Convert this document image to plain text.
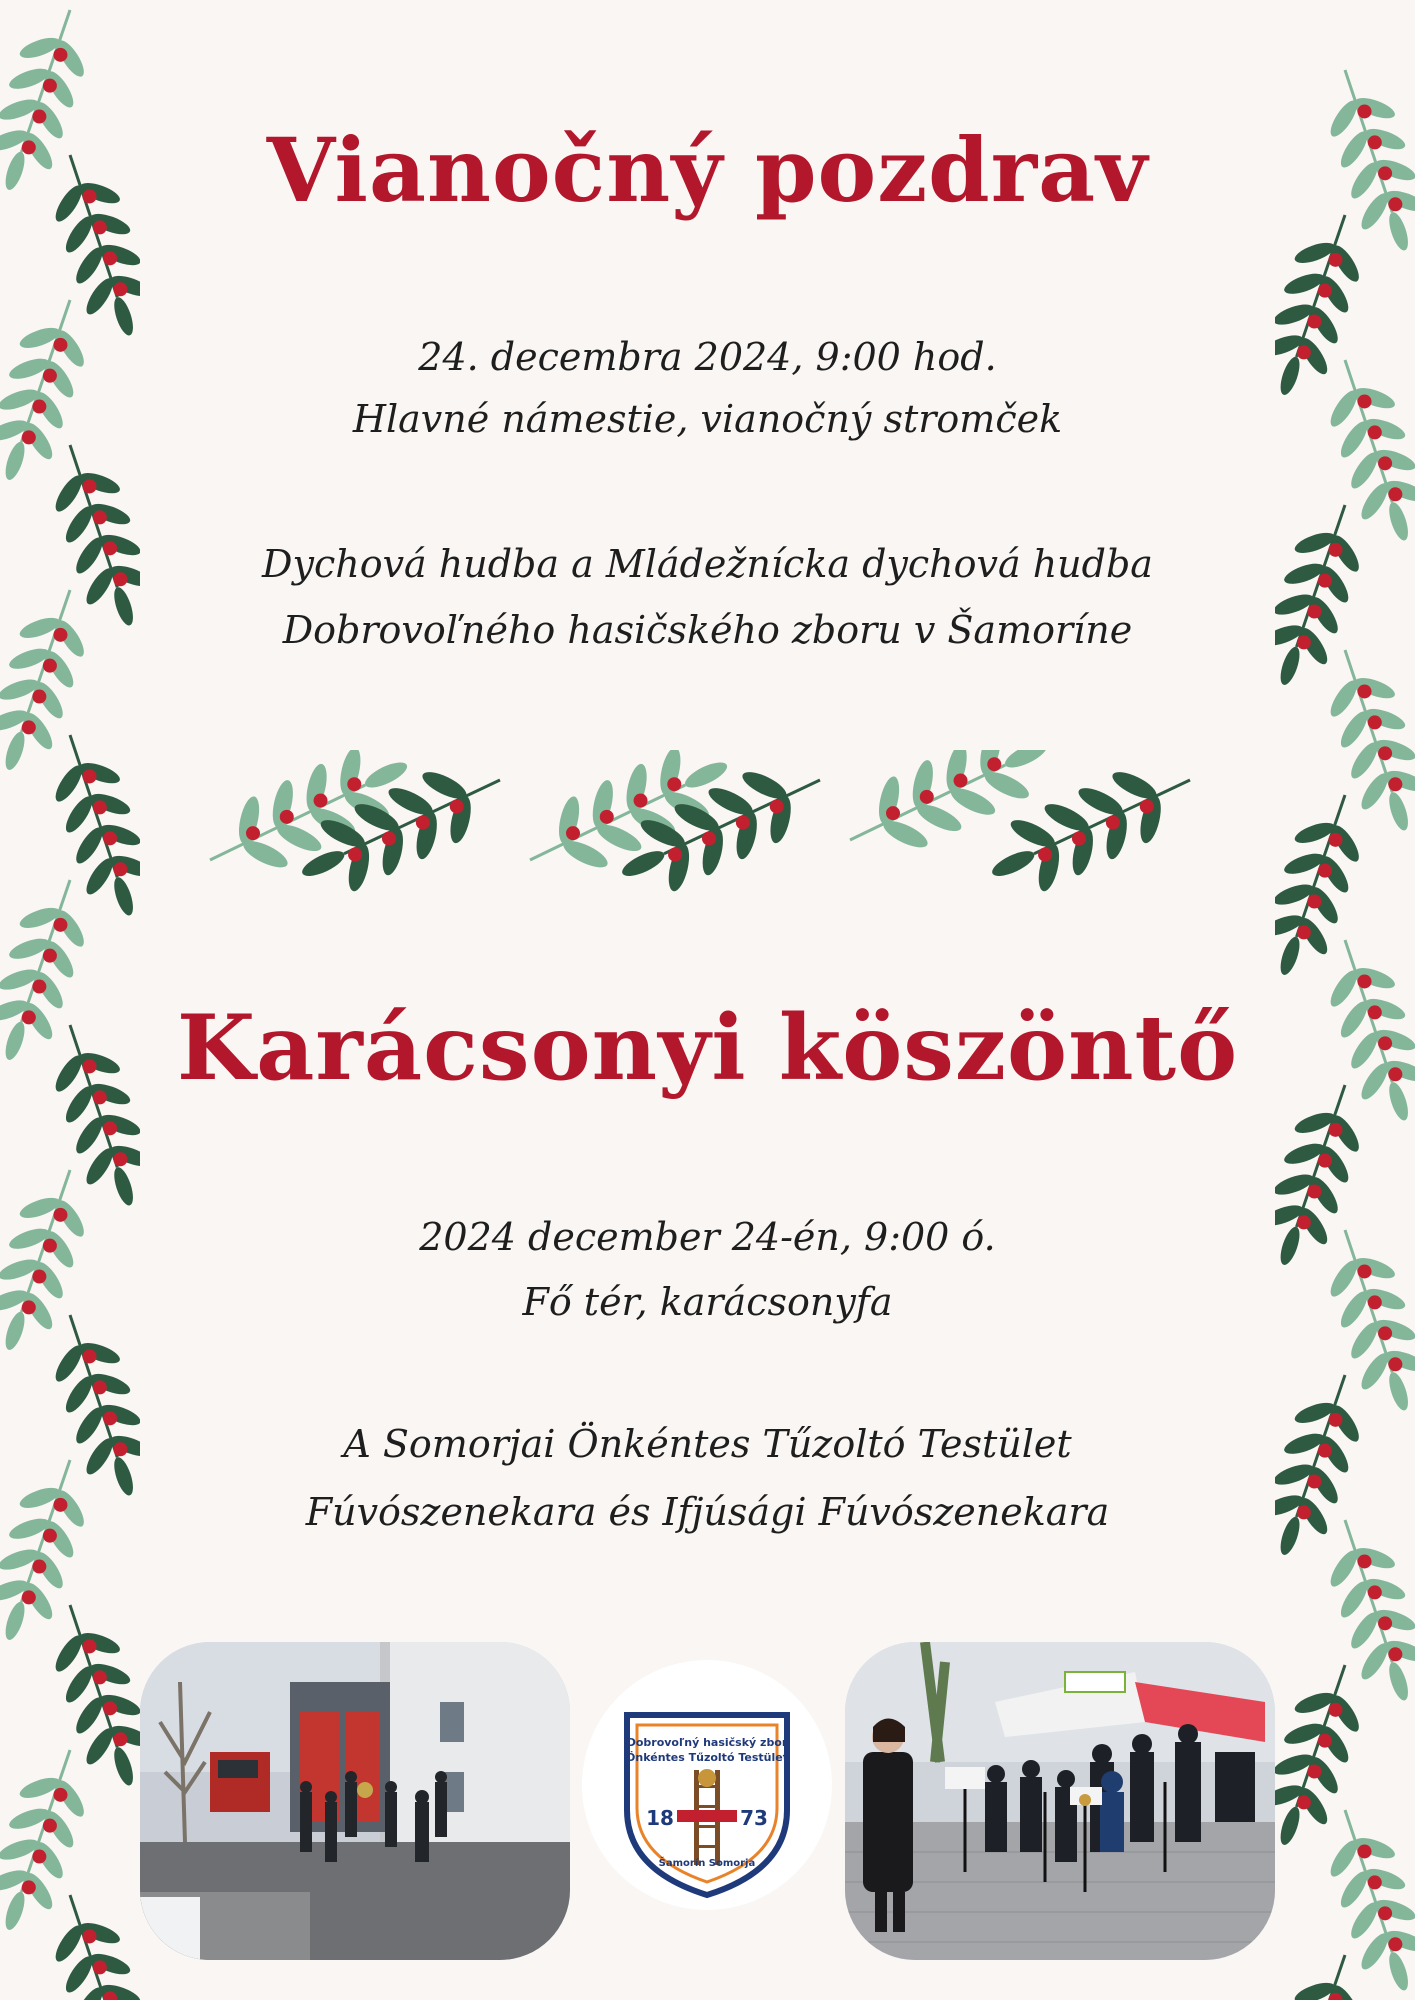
Vianočný pozdrav

24. decembra 2024, 9:00 hod.

Hlavné námestie, vianočný stromček

Dychová hudba a Mládežnícka dychová hudba

Dobrovoľného hasičského zboru v Šamoríne

Karácsonyi köszöntő

2024 december 24-én, 9:00 ó.

Fő tér, karácsonyfa

A Somorjai Önkéntes Tűzoltó Testület

Fúvószenekara és Ifjúsági Fúvószenekara

Dobrovoľný hasičský zbor
Önkéntes Tűzoltó Testület
18	73
Šamorín Somorja
